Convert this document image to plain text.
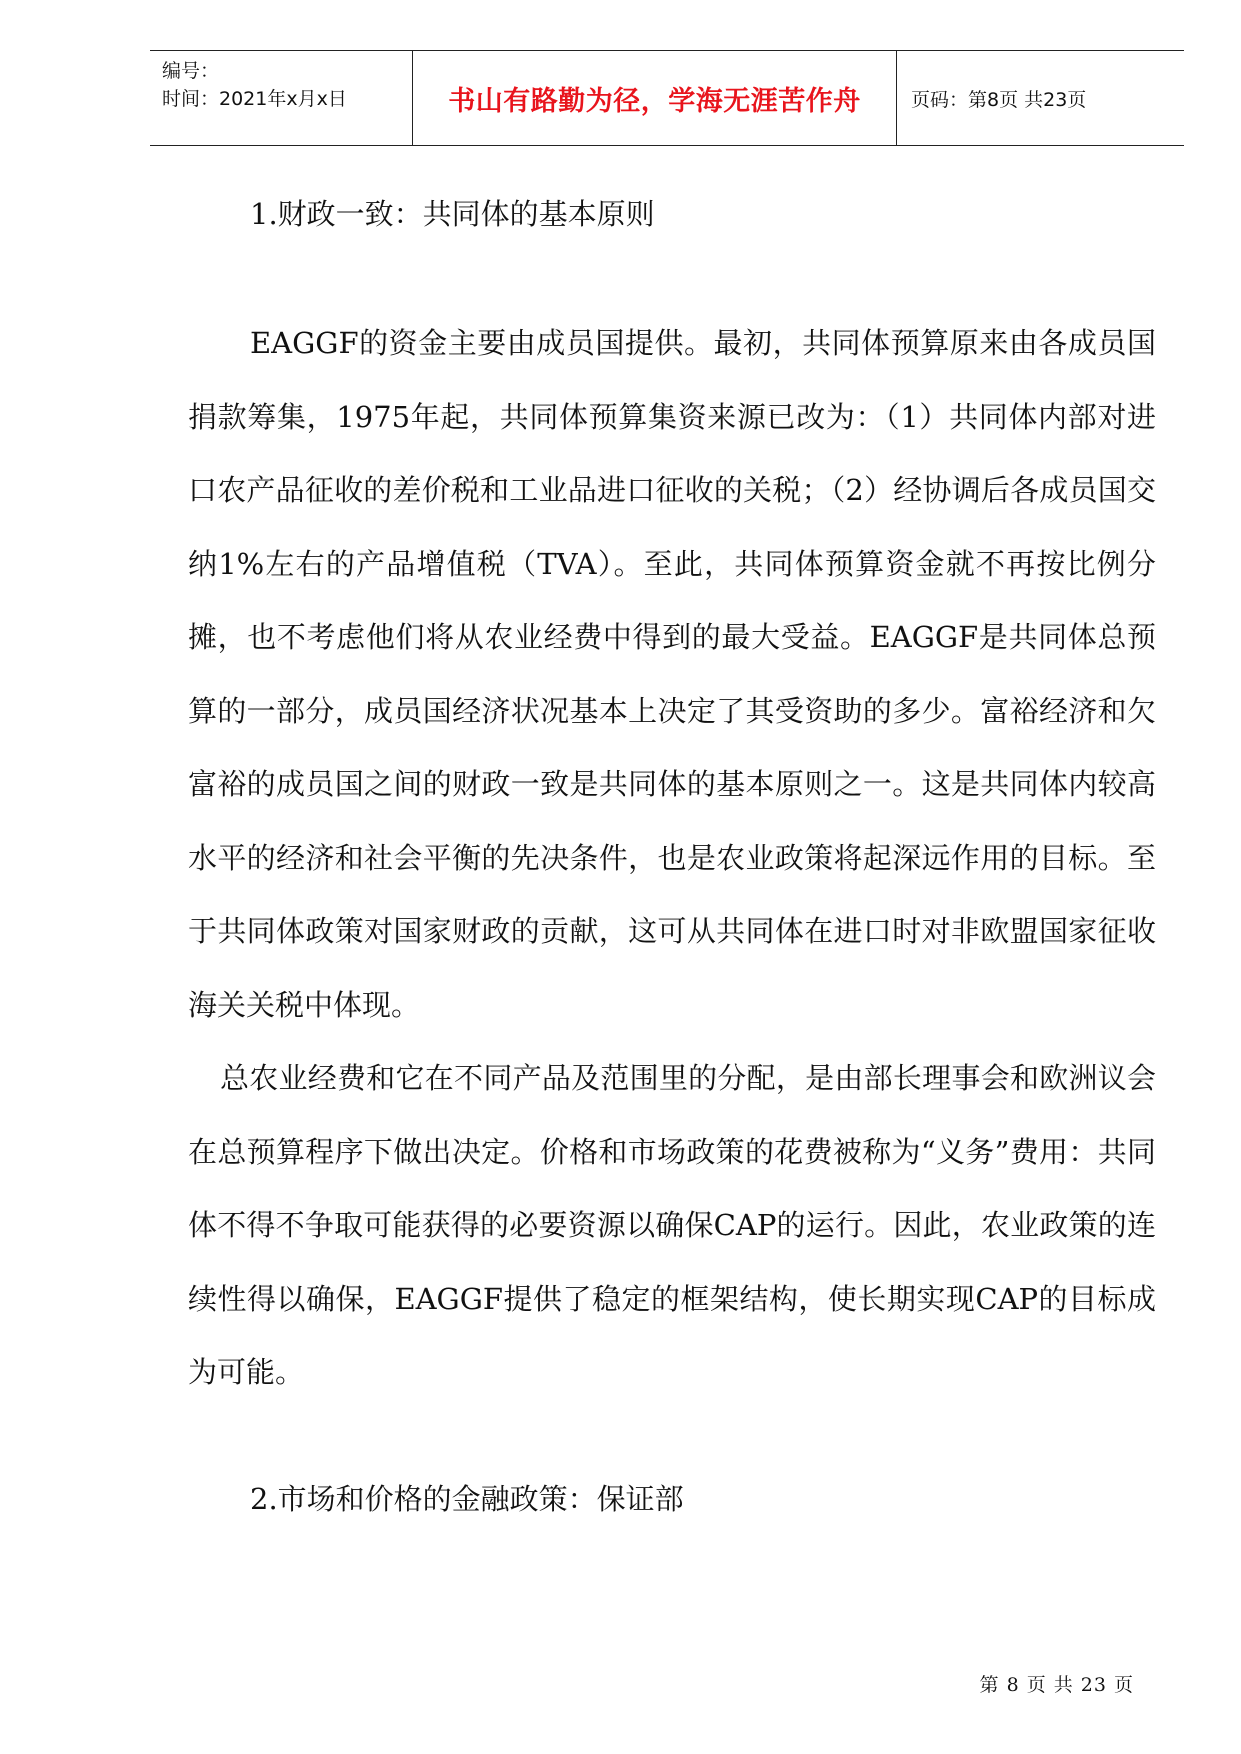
编号：
时间：2021年x月x日	书山有路勤为径，学海无涯苦作舟	页码：第8页 共23页

1.财政一致：共同体的基本原则

EAGGF的资金主要由成员国提供。最初，共同体预算原来由各成员国捐款筹集，1975年起，共同体预算集资来源已改为：（1）共同体内部对进口农产品征收的差价税和工业品进口征收的关税；（2）经协调后各成员国交纳1%左右的产品增值税（TVA）。至此，共同体预算资金就不再按比例分摊，也不考虑他们将从农业经费中得到的最大受益。EAGGF是共同体总预算的一部分，成员国经济状况基本上决定了其受资助的多少。富裕经济和欠富裕的成员国之间的财政一致是共同体的基本原则之一。这是共同体内较高水平的经济和社会平衡的先决条件，也是农业政策将起深远作用的目标。至于共同体政策对国家财政的贡献，这可从共同体在进口时对非欧盟国家征收海关关税中体现。

总农业经费和它在不同产品及范围里的分配，是由部长理事会和欧洲议会在总预算程序下做出决定。价格和市场政策的花费被称为“义务”费用：共同体不得不争取可能获得的必要资源以确保CAP的运行。因此，农业政策的连续性得以确保，EAGGF提供了稳定的框架结构，使长期实现CAP的目标成为可能。

2.市场和价格的金融政策：保证部

第 8 页 共 23 页
